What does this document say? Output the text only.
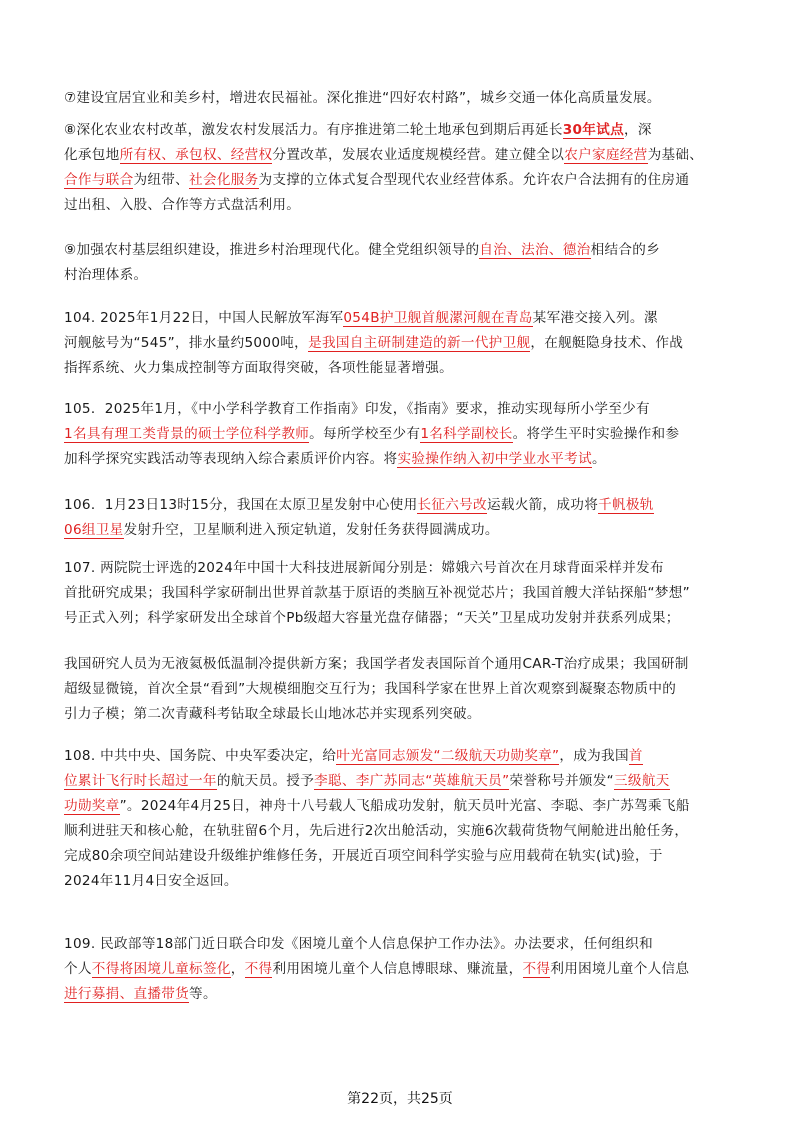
⑦建设宜居宜业和美乡村，增进农民福祉。深化推进“四好农村路”，城乡交通一体化高质量发展。
⑧深化农业农村改革，激发农村发展活力。有序推进第二轮土地承包到期后再延长30年试点，深
化承包地所有权、承包权、经营权分置改革，发展农业适度规模经营。建立健全以农户家庭经营为基础、
合作与联合为纽带、社会化服务为支撑的立体式复合型现代农业经营体系。允许农户合法拥有的住房通
过出租、入股、合作等方式盘活利用。
⑨加强农村基层组织建设，推进乡村治理现代化。健全党组织领导的自治、法治、德治相结合的乡
村治理体系。
104. 2025年1月22日，中国人民解放军海军054B护卫舰首舰漯河舰在青岛某军港交接入列。漯
河舰舷号为“545”，排水量约5000吨，是我国自主研制建造的新一代护卫舰，在舰艇隐身技术、作战
指挥系统、火力集成控制等方面取得突破，各项性能显著增强。
105．2025年1月，《中小学科学教育工作指南》印发，《指南》要求，推动实现每所小学至少有
1名具有理工类背景的硕士学位科学教师。每所学校至少有1名科学副校长。将学生平时实验操作和参
加科学探究实践活动等表现纳入综合素质评价内容。将实验操作纳入初中学业水平考试。
106．1月23日13时15分，我国在太原卫星发射中心使用长征六号改运载火箭，成功将千帆极轨
06组卫星发射升空，卫星顺利进入预定轨道，发射任务获得圆满成功。
107. 两院院士评选的2024年中国十大科技进展新闻分别是：嫦娥六号首次在月球背面采样并发布
首批研究成果；我国科学家研制出世界首款基于原语的类脑互补视觉芯片；我国首艘大洋钻探船“梦想”
号正式入列；科学家研发出全球首个Pb级超大容量光盘存储器；“天关”卫星成功发射并获系列成果；
我国研究人员为无液氦极低温制冷提供新方案；我国学者发表国际首个通用CAR-T治疗成果；我国研制
超级显微镜，首次全景“看到”大规模细胞交互行为；我国科学家在世界上首次观察到凝聚态物质中的
引力子模；第二次青藏科考钻取全球最长山地冰芯并实现系列突破。
108. 中共中央、国务院、中央军委决定，给叶光富同志颁发“二级航天功勋奖章”，成为我国首
位累计飞行时长超过一年的航天员。授予李聪、李广苏同志“英雄航天员”荣誉称号并颁发“三级航天
功勋奖章”。2024年4月25日，神舟十八号载人飞船成功发射，航天员叶光富、李聪、李广苏驾乘飞船
顺利进驻天和核心舱，在轨驻留6个月，先后进行2次出舱活动，实施6次载荷货物气闸舱进出舱任务，
完成80余项空间站建设升级维护维修任务，开展近百项空间科学实验与应用载荷在轨实(试)验，于
2024年11月4日安全返回。
109. 民政部等18部门近日联合印发《困境儿童个人信息保护工作办法》。办法要求，任何组织和
个人不得将困境儿童标签化，不得利用困境儿童个人信息博眼球、赚流量，不得利用困境儿童个人信息
进行募捐、直播带货等。
第22页，共25页
